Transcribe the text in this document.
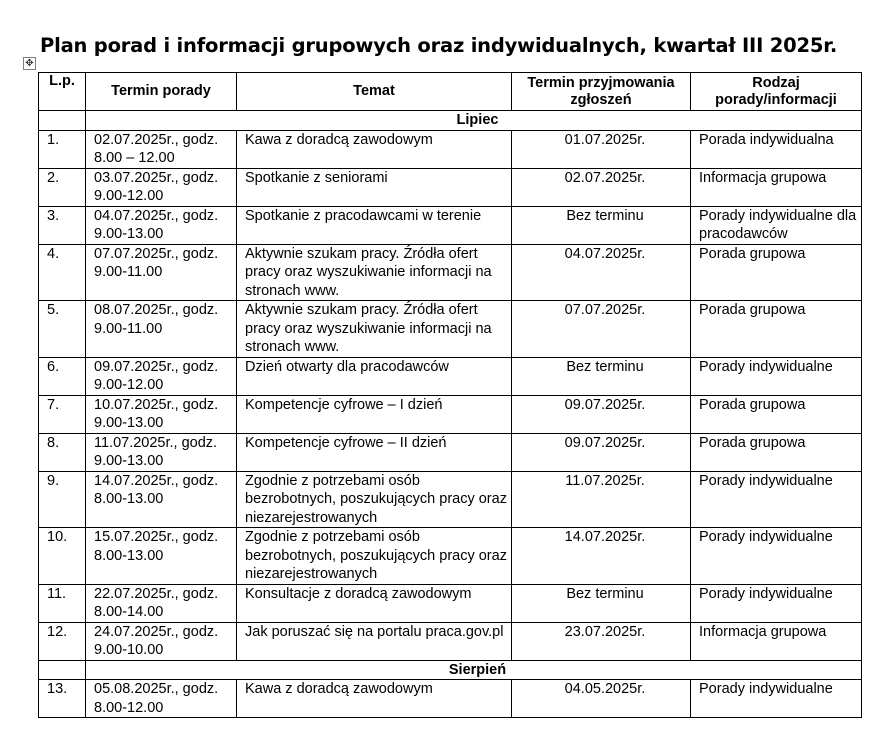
Plan porad i informacji grupowych oraz indywidualnych, kwartał III 2025r.
✥
L.p.	Termin porady	Temat	Termin przyjmowania zgłoszeń	Rodzaj porady/informacji
	Lipiec			
1.	02.07.2025r., godz. 8.00 – 12.00	Kawa z doradcą zawodowym	01.07.2025r.	Porada indywidualna
2.	03.07.2025r., godz. 9.00-12.00	Spotkanie z seniorami	02.07.2025r.	Informacja grupowa
3.	04.07.2025r., godz. 9.00-13.00	Spotkanie z pracodawcami w terenie	Bez terminu	Porady indywidualne dla pracodawców
4.	07.07.2025r., godz. 9.00-11.00	Aktywnie szukam pracy. Źródła ofert pracy oraz wyszukiwanie informacji na stronach www.	04.07.2025r.	Porada grupowa
5.	08.07.2025r., godz. 9.00-11.00	Aktywnie szukam pracy. Źródła ofert pracy oraz wyszukiwanie informacji na stronach www.	07.07.2025r.	Porada grupowa
6.	09.07.2025r., godz. 9.00-12.00	Dzień otwarty dla pracodawców	Bez terminu	Porady indywidualne
7.	10.07.2025r., godz. 9.00-13.00	Kompetencje cyfrowe – I dzień	09.07.2025r.	Porada grupowa
8.	11.07.2025r., godz. 9.00-13.00	Kompetencje cyfrowe – II dzień	09.07.2025r.	Porada grupowa
9.	14.07.2025r., godz. 8.00-13.00	Zgodnie z potrzebami osób bezrobotnych, poszukujących pracy oraz niezarejestrowanych	11.07.2025r.	Porady indywidualne
10.	15.07.2025r., godz. 8.00-13.00	Zgodnie z potrzebami osób bezrobotnych, poszukujących pracy oraz niezarejestrowanych	14.07.2025r.	Porady indywidualne
11.	22.07.2025r., godz. 8.00-14.00	Konsultacje z doradcą zawodowym	Bez terminu	Porady indywidualne
12.	24.07.2025r., godz. 9.00-10.00	Jak poruszać się na portalu praca.gov.pl	23.07.2025r.	Informacja grupowa
	Sierpień			
13.	05.08.2025r., godz. 8.00-12.00	Kawa z doradcą zawodowym	04.05.2025r.	Porady indywidualne
